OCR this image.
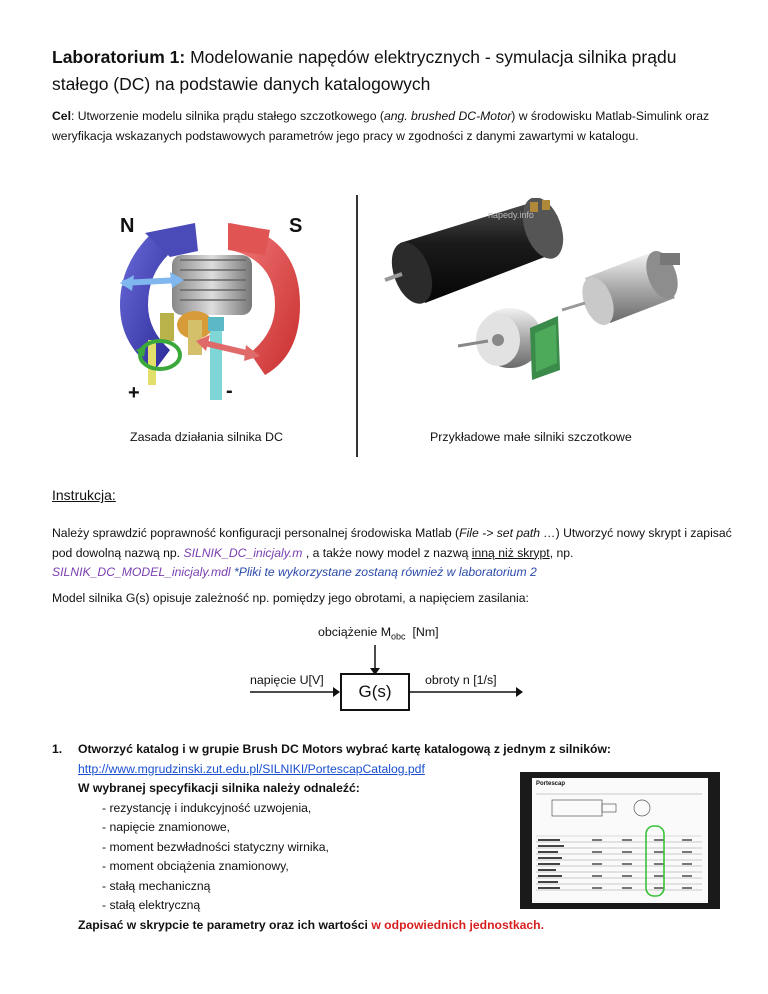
Laboratorium 1: Modelowanie napędów elektrycznych - symulacja silnika prądu stałego (DC) na podstawie danych katalogowych
Cel: Utworzenie modelu silnika prądu stałego szczotkowego (ang. brushed DC-Motor) w środowisku Matlab-Simulink oraz weryfikacja wskazanych podstawowych parametrów jego pracy w zgodności z danymi zawartymi w katalogu.
N	S
+	-
Zasada działania silnika DC
napedy.info
Przykładowe małe silniki szczotkowe
Instrukcja:
Należy sprawdzić poprawność konfiguracji personalnej środowiska Matlab (File -> set path …) Utworzyć nowy skrypt i zapisać pod dowolną nazwą np. SILNIK_DC_inicjaly.m , a także nowy model z nazwą inną niż skrypt, np. SILNIK_DC_MODEL_inicjaly.mdl *Pliki te wykorzystane zostaną również w laboratorium 2
Model silnika G(s) opisuje zależność np. pomiędzy jego obrotami, a napięciem zasilania:
obciążenie $M_{obc}$ [Nm]
napięcie U[V]
G(s)
obroty n [1/s]
1. Otworzyć katalog i w grupie Brush DC Motors wybrać kartę katalogową z jednym z silników:
http://www.mgrudzinski.zut.edu.pl/SILNIKI/PortescapCatalog.pdf
W wybranej specyfikacji silnika należy odnaleźć:
- rezystancję i indukcyjność uzwojenia,
- napięcie znamionowe,
- moment bezwładności statyczny wirnika,
- moment obciążenia znamionowy,
- stałą mechaniczną
- stałą elektryczną
Zapisać w skrypcie te parametry oraz ich wartości w odpowiednich jednostkach.
Portescap
